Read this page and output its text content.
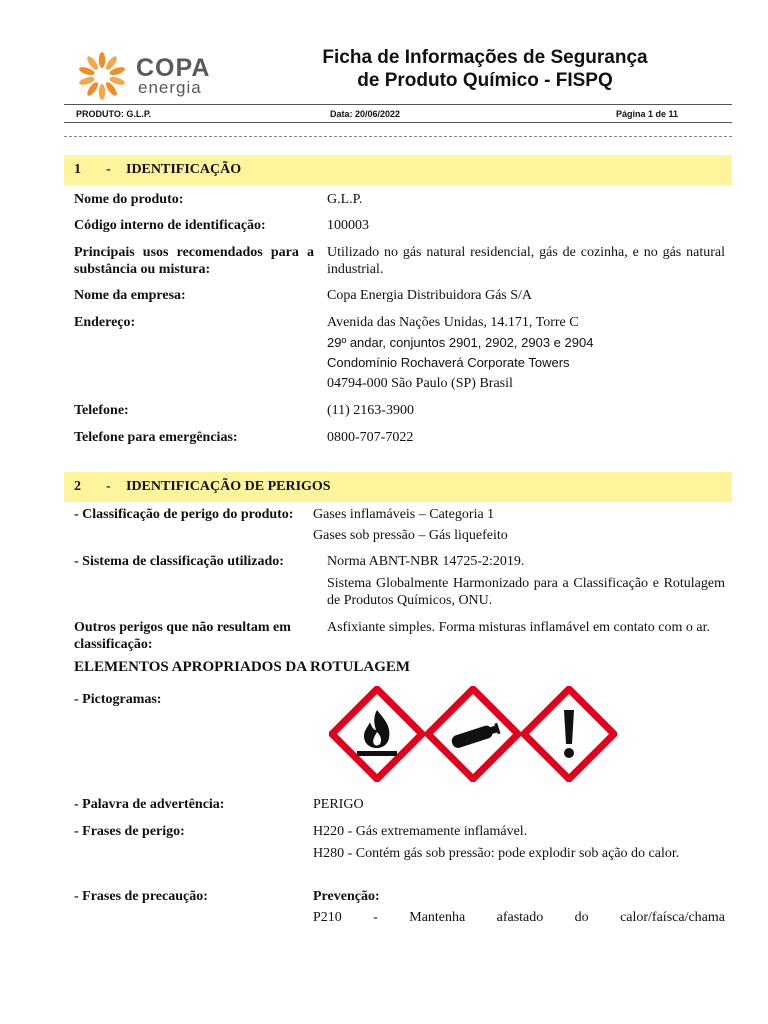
COPA
energia
Ficha de Informações de Segurança
de Produto Químico - FISPQ
PRODUTO: G.L.P.	Data: 20/06/2022	Página 1 de 11
1 - IDENTIFICAÇÃO
Nome do produto:	G.L.P.
Código interno de identificação:	100003
Principais usos recomendados para a substância ou mistura:
Utilizado no gás natural residencial, gás de cozinha, e no gás natural industrial.
Nome da empresa:	Copa Energia Distribuidora Gás S/A
Endereço:	Avenida das Nações Unidas, 14.171, Torre C
29º andar, conjuntos 2901, 2902, 2903 e 2904
Condomínio Rochaverá Corporate Towers
04794-000 São Paulo (SP) Brasil
Telefone:	(11) 2163-3900
Telefone para emergências:	0800-707-7022
2 - IDENTIFICAÇÃO DE PERIGOS
- Classificação de perigo do produto:	Gases inflamáveis – Categoria 1
Gases sob pressão – Gás liquefeito
- Sistema de classificação utilizado:	Norma ABNT-NBR 14725-2:2019.
Sistema Globalmente Harmonizado para a Classificação e Rotulagem de Produtos Químicos, ONU.
Outros perigos que não resultam em classificação:
Asfixiante simples. Forma misturas inflamável em contato com o ar.
ELEMENTOS APROPRIADOS DA ROTULAGEM
- Pictogramas:
- Palavra de advertência:	PERIGO
- Frases de perigo:	H220 - Gás extremamente inflamável.
H280 - Contém gás sob pressão: pode explodir sob ação do calor.
- Frases de precaução:	Prevenção:
P210 - Mantenha afastado do calor/faísca/chama
